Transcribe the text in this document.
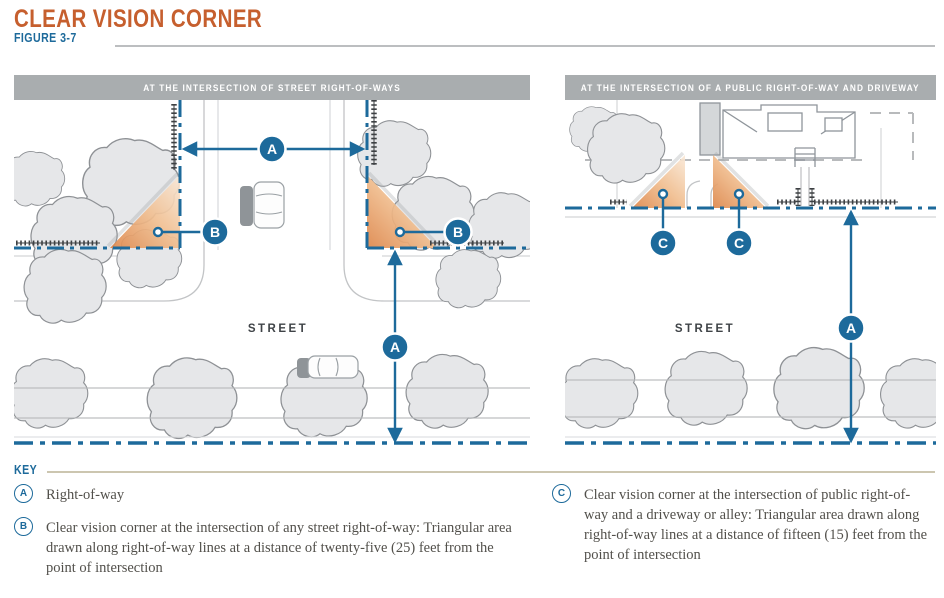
CLEAR VISION CORNER
FIGURE 3-7
AT THE INTERSECTION OF STREET RIGHT-OF-WAYS	AT THE INTERSECTION OF A PUBLIC RIGHT-OF-WAY AND DRIVEWAY
A
A
B	B
STREET
C	C
A
STREET
KEY
A	Right-of-way
B	Clear vision corner at the intersection of any street right-of-way: Triangular area drawn along right-of-way lines at a distance of twenty-five (25) feet from the point of intersection
C	Clear vision corner at the intersection of public right-of-way and a driveway or alley: Triangular area drawn along right-of-way lines at a distance of fifteen (15) feet from the point of intersection
